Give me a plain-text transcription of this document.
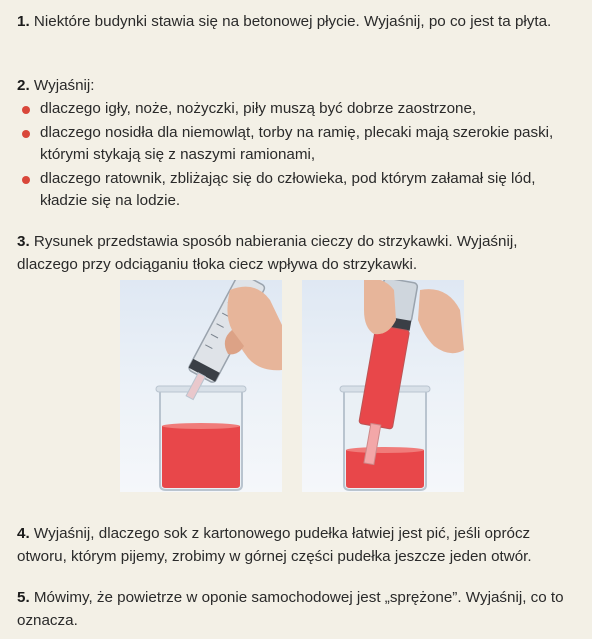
1. Niektóre budynki stawia się na betonowej płycie. Wyjaśnij, po co jest ta płyta.
2. Wyjaśnij:
dlaczego igły, noże, nożyczki, piły muszą być dobrze zaostrzone,
dlaczego nosidła dla niemowląt, torby na ramię, plecaki mają szerokie paski, którymi stykają się z naszymi ramionami,
dlaczego ratownik, zbliżając się do człowieka, pod którym załamał się lód, kładzie się na lodzie.
3. Rysunek przedstawia sposób nabierania cieczy do strzykawki. Wyjaśnij, dlaczego przy odciąganiu tłoka ciecz wpływa do strzykawki.
4. Wyjaśnij, dlaczego sok z kartonowego pudełka łatwiej jest pić, jeśli oprócz otworu, którym pijemy, zrobimy w górnej części pudełka jeszcze jeden otwór.
5. Mówimy, że powietrze w oponie samochodowej jest „sprężone”. Wyjaśnij, co to oznacza.
